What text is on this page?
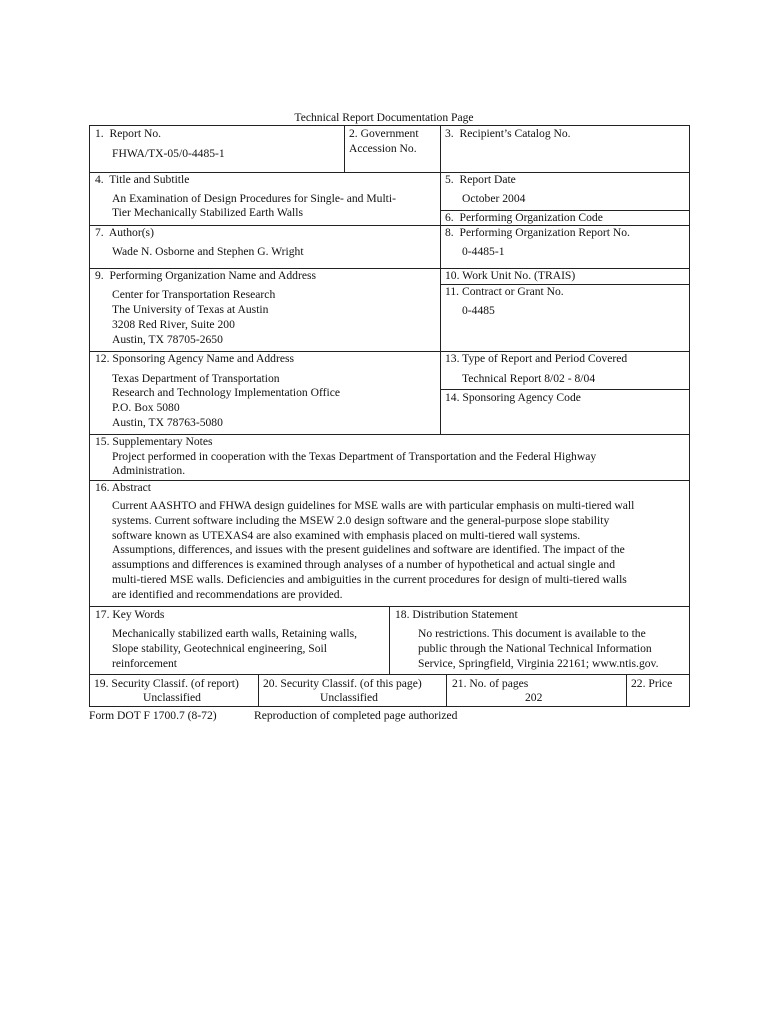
Technical Report Documentation Page
1.  Report No.
FHWA/TX-05/0-4485-1
2. Government
Accession No.
3.  Recipient’s Catalog No.
4.  Title and Subtitle
An Examination of Design Procedures for Single- and Multi-
Tier Mechanically Stabilized Earth Walls
5.  Report Date
October 2004
6.  Performing Organization Code
7.  Author(s)
Wade N. Osborne and Stephen G. Wright
8.  Performing Organization Report No.
0-4485-1
9.  Performing Organization Name and Address
Center for Transportation Research
The University of Texas at Austin
3208 Red River, Suite 200
Austin, TX 78705-2650
10. Work Unit No. (TRAIS)
11. Contract or Grant No.
0-4485
12. Sponsoring Agency Name and Address
Texas Department of Transportation
Research and Technology Implementation Office
P.O. Box 5080
Austin, TX 78763-5080
13. Type of Report and Period Covered
Technical Report 8/02 - 8/04
14. Sponsoring Agency Code
15. Supplementary Notes
Project performed in cooperation with the Texas Department of Transportation and the Federal Highway
Administration.
16. Abstract
Current AASHTO and FHWA design guidelines for MSE walls are with particular emphasis on multi-tiered wall
systems. Current software including the MSEW 2.0 design software and the general-purpose slope stability
software known as UTEXAS4 are also examined with emphasis placed on multi-tiered wall systems.
Assumptions, differences, and issues with the present guidelines and software are identified. The impact of the
assumptions and differences is examined through analyses of a number of hypothetical and actual single and
multi-tiered MSE walls. Deficiencies and ambiguities in the current procedures for design of multi-tiered walls
are identified and recommendations are provided.
17. Key Words
Mechanically stabilized earth walls, Retaining walls,
Slope stability, Geotechnical engineering, Soil
reinforcement
18. Distribution Statement
No restrictions. This document is available to the
public through the National Technical Information
Service, Springfield, Virginia 22161; www.ntis.gov.
19. Security Classif. (of report)
Unclassified
20. Security Classif. (of this page)
Unclassified
21. No. of pages
202
22. Price
Form DOT F 1700.7 (8-72)	Reproduction of completed page authorized
